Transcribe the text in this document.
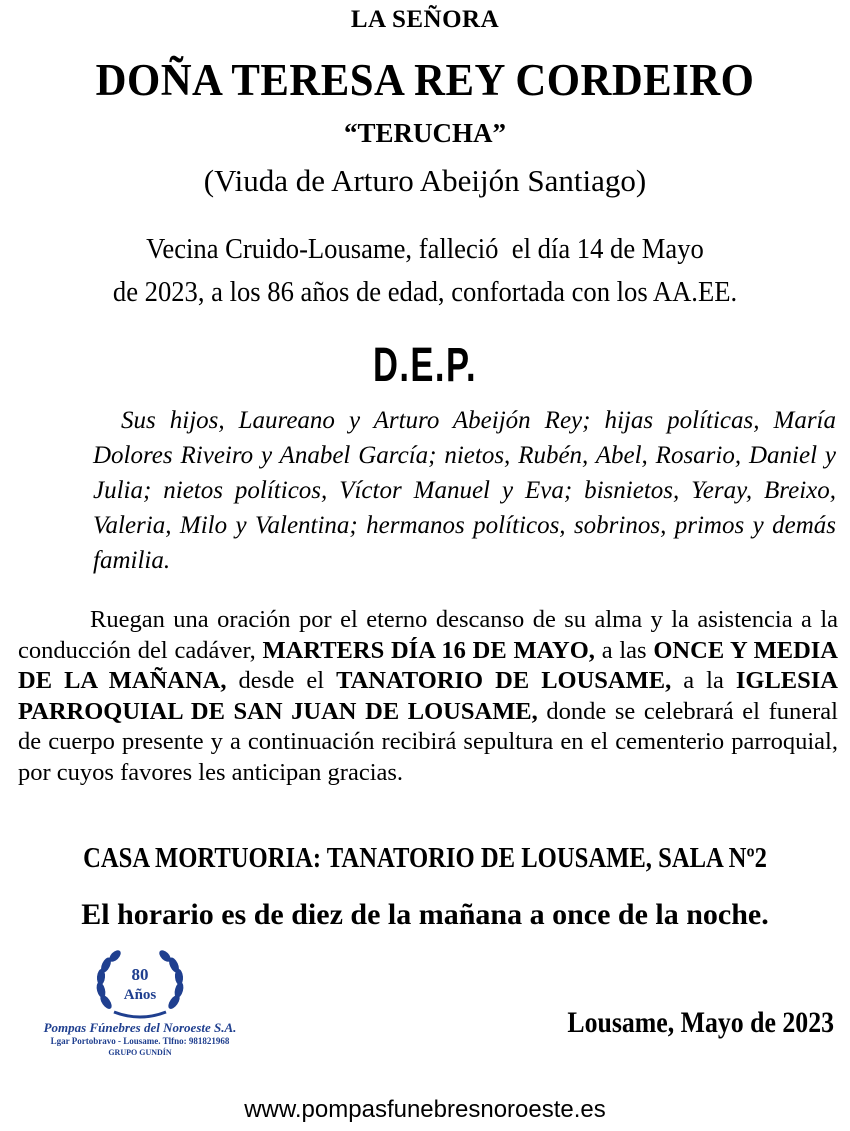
LA SEÑORA
DOÑA TERESA REY CORDEIRO
“TERUCHA”
(Viuda de Arturo Abeijón Santiago)
Vecina Cruido-Lousame, falleció  el día 14 de Mayo
de 2023, a los 86 años de edad, confortada con los AA.EE.
D.E.P.
Sus hijos, Laureano y Arturo Abeijón Rey; hijas políticas, María Dolores Riveiro y Anabel García; nietos, Rubén, Abel, Rosario, Daniel y Julia; nietos políticos, Víctor Manuel y Eva; bisnietos, Yeray, Breixo, Valeria, Milo y Valentina; hermanos políticos, sobrinos, primos y demás familia.
Ruegan una oración por el eterno descanso de su alma y la asistencia a la conducción del cadáver, MARTERS DÍA 16 DE MAYO, a las ONCE Y MEDIA DE LA MAÑANA, desde el TANATORIO DE LOUSAME, a la IGLESIA PARROQUIAL DE SAN JUAN DE LOUSAME, donde se celebrará el funeral de cuerpo presente y a continuación recibirá sepultura en el cementerio parroquial, por cuyos favores les anticipan gracias.
CASA MORTUORIA: TANATORIO DE LOUSAME, SALA Nº2
El horario es de diez de la mañana a once de la noche.
80
Años
Pompas Fúnebres del Noroeste S.A.
Lgar Portobravo - Lousame. Tlfno: 981821968
GRUPO GUNDÍN
Lousame, Mayo de 2023
www.pompasfunebresnoroeste.es
